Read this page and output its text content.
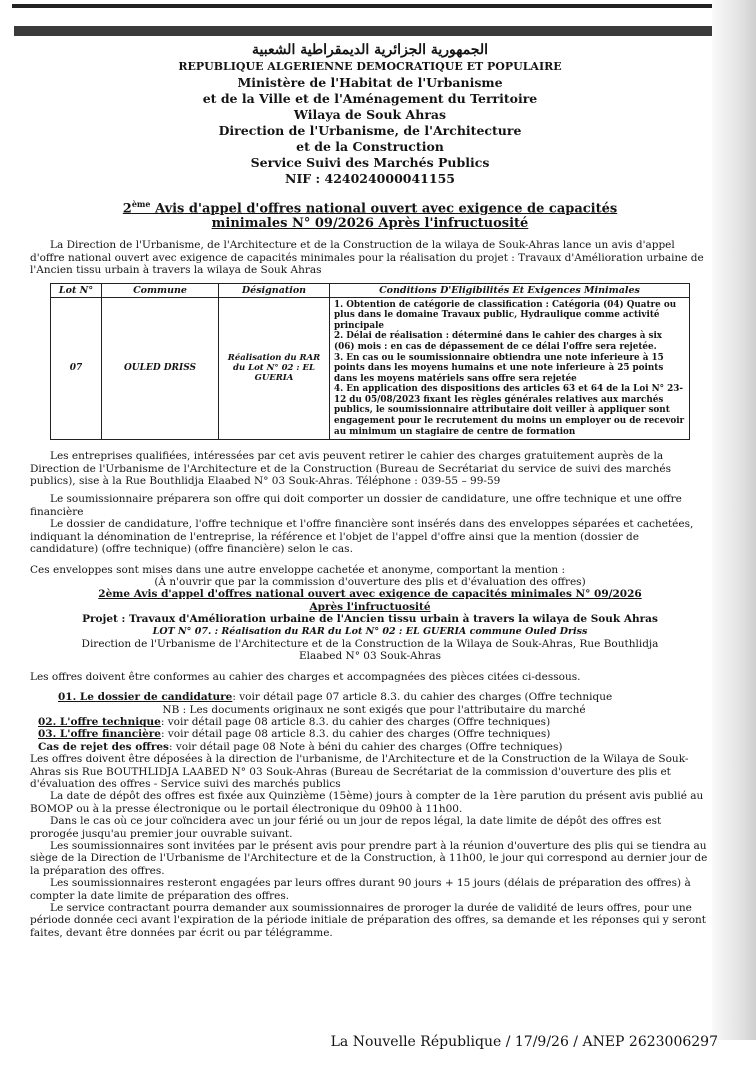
الجمهورية الجزائرية الديمقراطية الشعبية
REPUBLIQUE ALGERIENNE DEMOCRATIQUE ET POPULAIRE
Ministère de l'Habitat de l'Urbanisme
et de la Ville et de l'Aménagement du Territoire
Wilaya de Souk Ahras
Direction de l'Urbanisme, de l'Architecture
et de la Construction
Service Suivi des Marchés Publics
NIF : 424024000041155
2ème Avis d'appel d'offres national ouvert avec exigence de capacités
minimales N° 09/2026 Après l'infructuosité

La Direction de l'Urbanisme, de l'Architecture et de la Construction de la wilaya de Souk-Ahras lance un avis d'appel d'offre national ouvert avec exigence de capacités minimales pour la réalisation du projet : Travaux d'Amélioration urbaine de l'Ancien tissu urbain à travers la wilaya de Souk Ahras

Lot N°	Commune	Désignation	Conditions D'Eligibilités Et Exigences Minimales
07	OULED DRISS	Réalisation du RAR du Lot N° 02 : EL GUERIA	1. Obtention de catégorie de classification : Catégoria (04) Quatre ou plus dans le domaine Travaux public, Hydraulique comme activité principale

2. Délai de réalisation : déterminé dans le cahier des charges à six (06) mois : en cas de dépassement de ce délai l'offre sera rejetée.

3. En cas ou le soumissionnaire obtiendra une note inferieure à 15 points dans les moyens humains et une note inferieure à 25 points dans les moyens matériels sans offre sera rejetée

4. En application des dispositions des articles 63 et 64 de la Loi N° 23-12 du 05/08/2023 fixant les règles générales relatives aux marchés publics, le soumissionnaire attributaire doit veiller à appliquer sont engagement pour le recrutement du moins un employer ou de recevoir au minimum un stagiaire de centre de formation

Les entreprises qualifiées, intéressées par cet avis peuvent retirer le cahier des charges gratuitement auprès de la Direction de l'Urbanisme de l'Architecture et de la Construction (Bureau de Secrétariat du service de suivi des marchés publics), sise à la Rue Bouthlidja Elaabed N° 03 Souk-Ahras. Téléphone : 039-55 – 99-59

Le soumissionnaire préparera son offre qui doit comporter un dossier de candidature, une offre technique et une offre financière

Le dossier de candidature, l'offre technique et l'offre financière sont insérés dans des enveloppes séparées et cachetées, indiquant la dénomination de l'entreprise, la référence et l'objet de l'appel d'offre ainsi que la mention (dossier de candidature) (offre technique) (offre financière) selon le cas.

Ces enveloppes sont mises dans une autre enveloppe cachetée et anonyme, comportant la mention :

(À n'ouvrir que par la commission d'ouverture des plis et d'évaluation des offres)

2ème Avis d'appel d'offres national ouvert avec exigence de capacités minimales N° 09/2026

Après l'infructuosité

Projet : Travaux d'Amélioration urbaine de l'Ancien tissu urbain à travers la wilaya de Souk Ahras

LOT N° 07. : Réalisation du RAR du Lot N° 02 : EL GUERIA commune Ouled Driss

Direction de l'Urbanisme de l'Architecture et de la Construction de la Wilaya de Souk-Ahras, Rue Bouthlidja

Elaabed N° 03 Souk-Ahras

Les offres doivent être conformes au cahier des charges et accompagnées des pièces citées ci-dessous.

01. Le dossier de candidature: voir détail page 07 article 8.3. du cahier des charges (Offre technique

NB : Les documents originaux ne sont exigés que pour l'attributaire du marché

02. L'offre technique: voir détail page 08 article 8.3. du cahier des charges (Offre techniques)

03. L'offre financière: voir détail page 08 article 8.3. du cahier des charges (Offre techniques)

Cas de rejet des offres: voir détail page 08 Note à béni du cahier des charges (Offre techniques)

Les offres doivent être déposées à la direction de l'urbanisme, de l'Architecture et de la Construction de la Wilaya de Souk-Ahras sis Rue BOUTHLIDJA LAABED N° 03 Souk-Ahras (Bureau de Secrétariat de la commission d'ouverture des plis et d'évaluation des offres - Service suivi des marchés publics

La date de dépôt des offres est fixée aux Quinzième (15ème) jours à compter de la 1ère parution du présent avis publié au BOMOP ou à la presse électronique ou le portail électronique du 09h00 à 11h00.

Dans le cas où ce jour coïncidera avec un jour férié ou un jour de repos légal, la date limite de dépôt des offres est prorogée jusqu'au premier jour ouvrable suivant.

Les soumissionnaires sont invitées par le présent avis pour prendre part à la réunion d'ouverture des plis qui se tiendra au siège de la Direction de l'Urbanisme de l'Architecture et de la Construction, à 11h00, le jour qui correspond au dernier jour de la préparation des offres.

Les soumissionnaires resteront engagées par leurs offres durant 90 jours + 15 jours (délais de préparation des offres) à compter la date limite de préparation des offres.

Le service contractant pourra demander aux soumissionnaires de proroger la durée de validité de leurs offres, pour une période donnée ceci avant l'expiration de la période initiale de préparation des offres, sa demande et les réponses qui y seront faites, devant être données par écrit ou par télégramme.

La Nouvelle République / 17/9/26 / ANEP 2623006297
